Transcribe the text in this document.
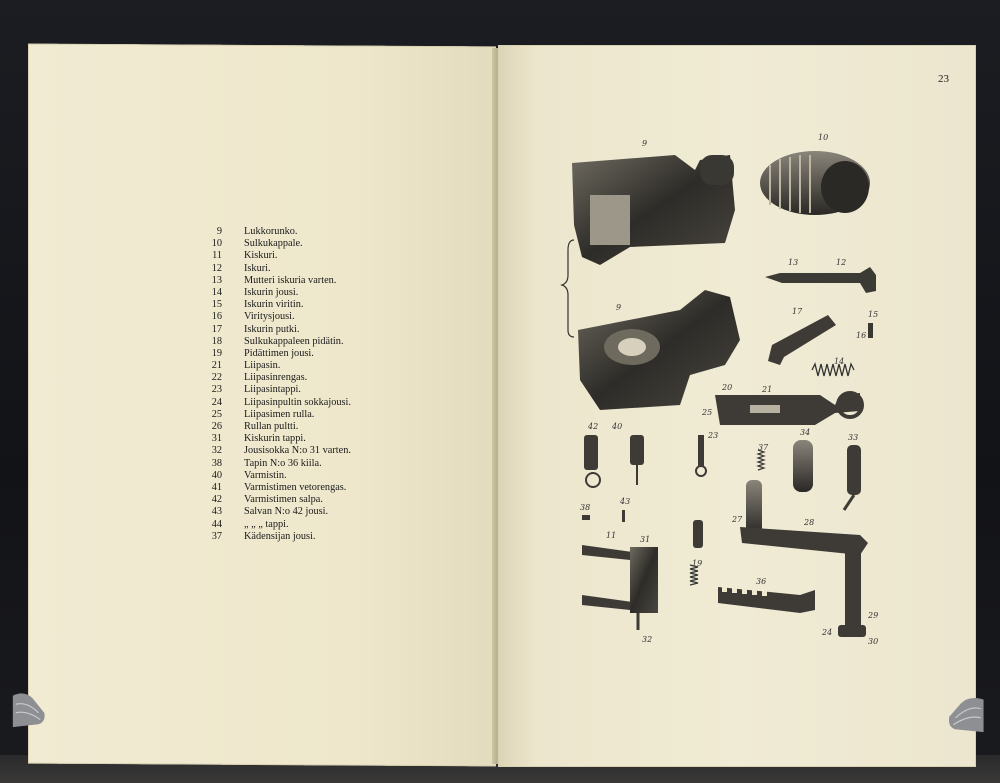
23
9 Lukkorunko.
10 Sulkukappale.
11 Kiskuri.
12 Iskuri.
13 Mutteri iskuria varten.
14 Iskurin jousi.
15 Iskurin viritin.
16 Viritysjousi.
17 Iskurin putki.
18 Sulkukappaleen pidätin.
19 Pidättimen jousi.
21 Liipasin.
22 Liipasinrengas.
23 Liipasintappi.
24 Liipasinpultin sokkajousi.
25 Liipasimen rulla.
26 Rullan pultti.
31 Kiskurin tappi.
32 Jousisokka N:o 31 varten.
38 Tapin N:o 36 kiila.
40 Varmistin.
41 Varmistimen vetorengas.
42 Varmistimen salpa.
43 Salvan N:o 42 jousi.
44 „ „ „ tappi.
37 Kädensijan jousi.
9
10
13	12
9	17	15
16
14
20	21
25
42 40
23
37
34
33
38
43
28
11	31
19
36
29
30
27
24
32
